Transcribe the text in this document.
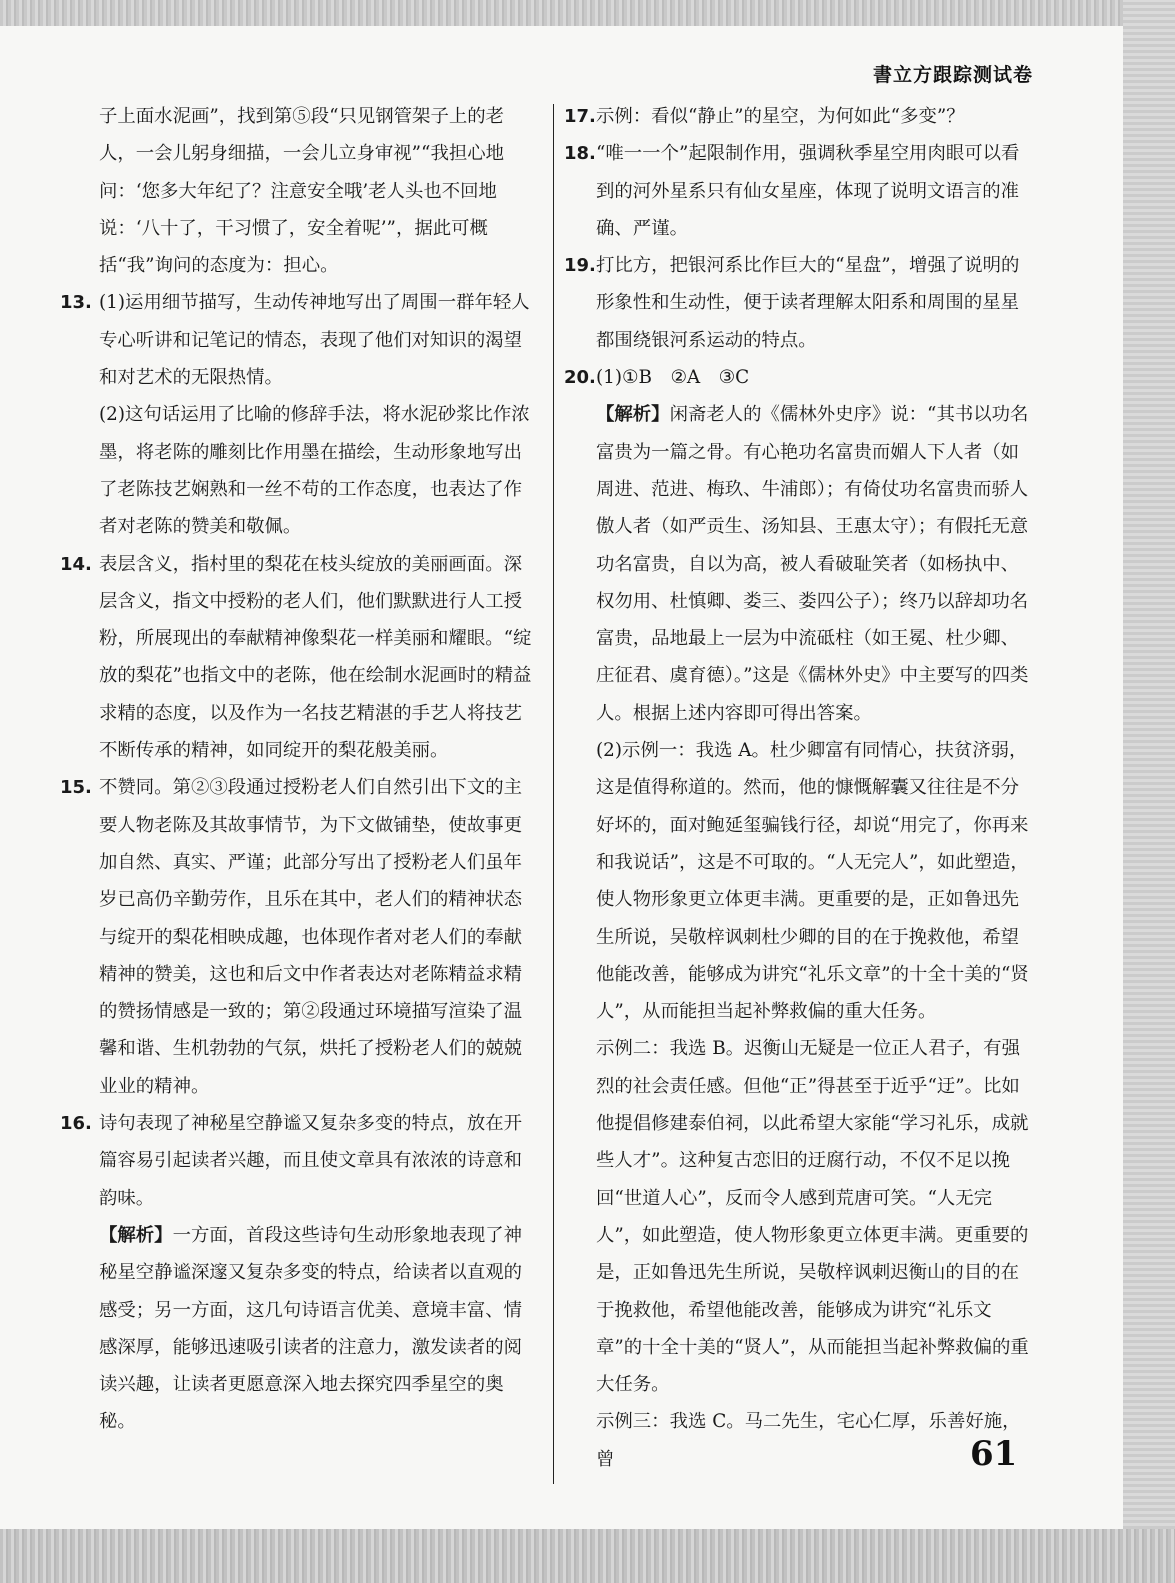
書立方跟踪测试卷
子上面水泥画”，找到第⑤段“只见钢管架子上的老人，一会儿躬身细描，一会儿立身审视”“我担心地问：‘您多大年纪了？注意安全哦’老人头也不回地说：‘八十了，干习惯了，安全着呢’”，据此可概括“我”询问的态度为：担心。
13. (1)运用细节描写，生动传神地写出了周围一群年轻人专心听讲和记笔记的情态，表现了他们对知识的渴望和对艺术的无限热情。
(2)这句话运用了比喻的修辞手法，将水泥砂浆比作浓墨，将老陈的雕刻比作用墨在描绘，生动形象地写出了老陈技艺娴熟和一丝不苟的工作态度，也表达了作者对老陈的赞美和敬佩。
14. 表层含义，指村里的梨花在枝头绽放的美丽画面。深层含义，指文中授粉的老人们，他们默默进行人工授粉，所展现出的奉献精神像梨花一样美丽和耀眼。“绽放的梨花”也指文中的老陈，他在绘制水泥画时的精益求精的态度，以及作为一名技艺精湛的手艺人将技艺不断传承的精神，如同绽开的梨花般美丽。
15. 不赞同。第②③段通过授粉老人们自然引出下文的主要人物老陈及其故事情节，为下文做铺垫，使故事更加自然、真实、严谨；此部分写出了授粉老人们虽年岁已高仍辛勤劳作，且乐在其中，老人们的精神状态与绽开的梨花相映成趣，也体现作者对老人们的奉献精神的赞美，这也和后文中作者表达对老陈精益求精的赞扬情感是一致的；第②段通过环境描写渲染了温馨和谐、生机勃勃的气氛，烘托了授粉老人们的兢兢业业的精神。
16. 诗句表现了神秘星空静谧又复杂多变的特点，放在开篇容易引起读者兴趣，而且使文章具有浓浓的诗意和韵味。
【解析】一方面，首段这些诗句生动形象地表现了神秘星空静谧深邃又复杂多变的特点，给读者以直观的感受；另一方面，这几句诗语言优美、意境丰富、情感深厚，能够迅速吸引读者的注意力，激发读者的阅读兴趣，让读者更愿意深入地去探究四季星空的奥秘。
17. 示例：看似“静止”的星空，为何如此“多变”？
18. “唯一一个”起限制作用，强调秋季星空用肉眼可以看到的河外星系只有仙女星座，体现了说明文语言的准确、严谨。
19. 打比方，把银河系比作巨大的“星盘”，增强了说明的形象性和生动性，便于读者理解太阳系和周围的星星都围绕银河系运动的特点。
20. (1)①B　②A　③C
【解析】闲斋老人的《儒林外史序》说：“其书以功名富贵为一篇之骨。有心艳功名富贵而媚人下人者（如周进、范进、梅玖、牛浦郎）；有倚仗功名富贵而骄人傲人者（如严贡生、汤知县、王惠太守）；有假托无意功名富贵，自以为高，被人看破耻笑者（如杨执中、权勿用、杜慎卿、娄三、娄四公子）；终乃以辞却功名富贵，品地最上一层为中流砥柱（如王冕、杜少卿、庄征君、虞育德）。”这是《儒林外史》中主要写的四类人。根据上述内容即可得出答案。
(2)示例一：我选 A。杜少卿富有同情心，扶贫济弱，这是值得称道的。然而，他的慷慨解囊又往往是不分好坏的，面对鲍延玺骗钱行径，却说“用完了，你再来和我说话”，这是不可取的。“人无完人”，如此塑造，使人物形象更立体更丰满。更重要的是，正如鲁迅先生所说，吴敬梓讽刺杜少卿的目的在于挽救他，希望他能改善，能够成为讲究“礼乐文章”的十全十美的“贤人”，从而能担当起补弊救偏的重大任务。
示例二：我选 B。迟衡山无疑是一位正人君子，有强烈的社会责任感。但他“正”得甚至于近乎“迂”。比如他提倡修建泰伯祠，以此希望大家能“学习礼乐，成就些人才”。这种复古恋旧的迂腐行动，不仅不足以挽回“世道人心”，反而令人感到荒唐可笑。“人无完人”，如此塑造，使人物形象更立体更丰满。更重要的是，正如鲁迅先生所说，吴敬梓讽刺迟衡山的目的在于挽救他，希望他能改善，能够成为讲究“礼乐文章”的十全十美的“贤人”，从而能担当起补弊救偏的重大任务。
示例三：我选 C。马二先生，宅心仁厚，乐善好施，曾	61
